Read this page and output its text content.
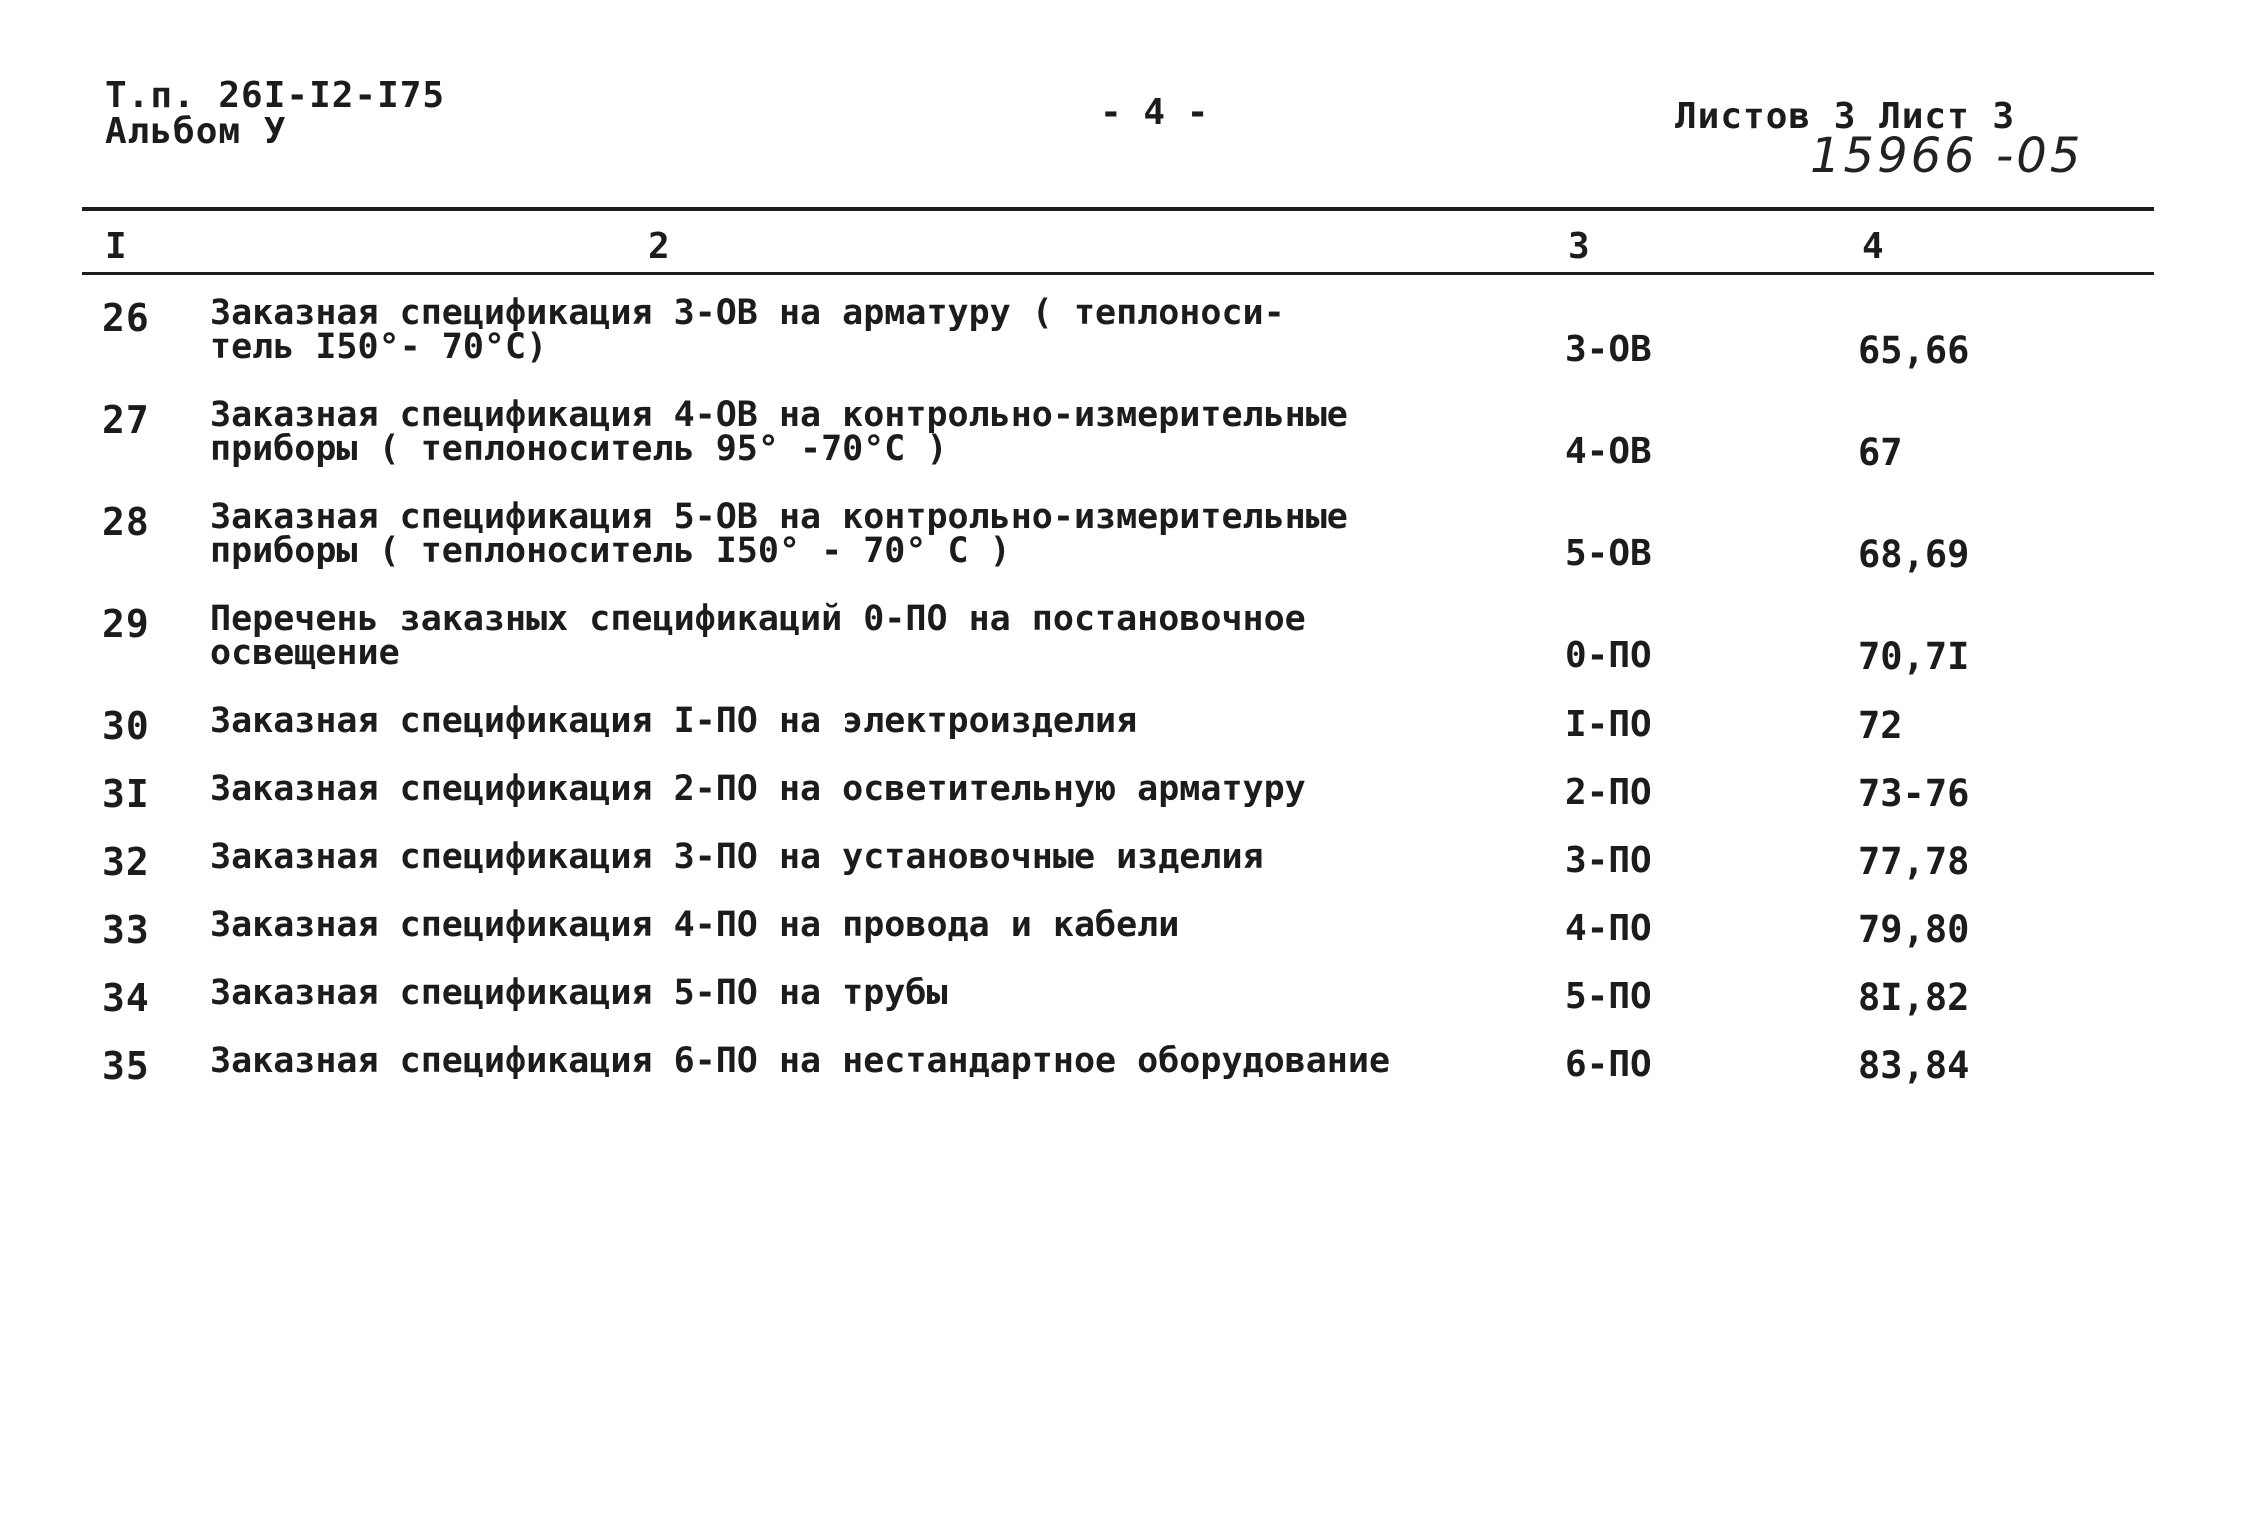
Т.п. 26I-I2-I75
Альбом У	- 4 -	Листов 3 Лист 3
15966 -05
I	2	3	4
26 Заказная спецификация 3-ОВ на арматуру ( теплоноси-
тель I50°- 70°С)	3-ОВ	65,66
27 Заказная спецификация 4-ОВ на контрольно-измерительные
приборы ( теплоноситель 95° -70°С )	4-ОВ	67
28 Заказная спецификация 5-ОВ на контрольно-измерительные
приборы ( теплоноситель I50° - 70° С )	5-ОВ	68,69
29 Перечень заказных спецификаций 0-ПО на постановочное
освещение	0-ПО	70,7I
30 Заказная спецификация I-ПО на электроизделия	I-ПО	72
3I Заказная спецификация 2-ПО на осветительную арматуру	2-ПО	73-76
32 Заказная спецификация 3-ПО на установочные изделия	3-ПО	77,78
33 Заказная спецификация 4-ПО на провода и кабели	4-ПО	79,80
34 Заказная спецификация 5-ПО на трубы	5-ПО	8I,82
35 Заказная спецификация 6-ПО на нестандартное оборудование	6-ПО	83,84
